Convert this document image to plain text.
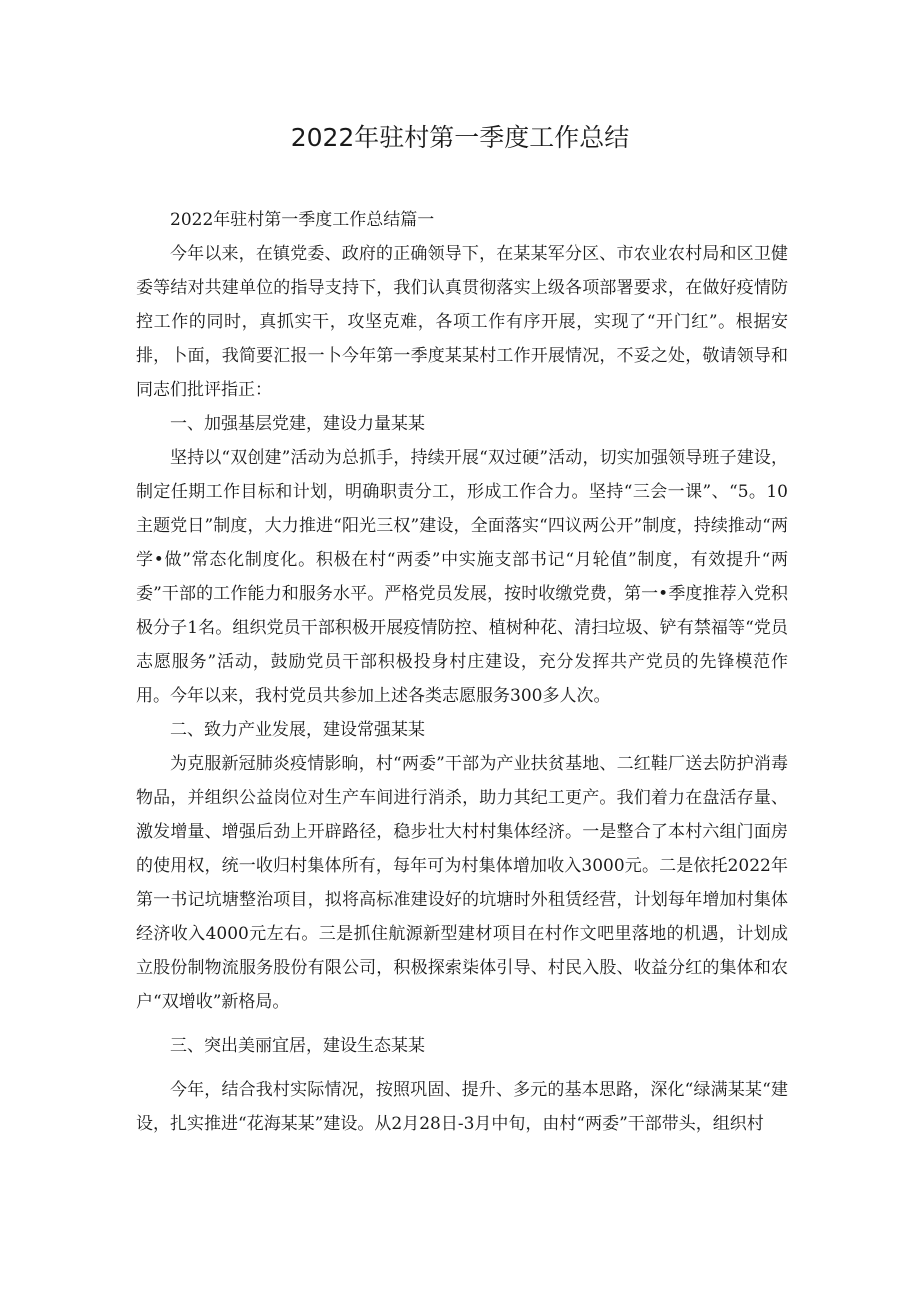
2022年驻村第一季度工作总结

2022年驻村第一季度工作总结篇一

今年以来，在镇党委、政府的正确领导下，在某某军分区、市农业农村局和区卫健委等结对共建单位的指导支持下，我们认真贯彻落实上级各项部署要求，在做好疫情防控工作的同时，真抓实干，攻坚克难，各项工作有序开展，实现了“开门红”。根据安排，卜面，我简要汇报一卜今年第一季度某某村工作开展情况，不妥之处，敬请领导和同志们批评指正：

一、加强基层党建，建设力量某某

坚持以“双创建”活动为总抓手，持续开展“双过硬”活动，切实加强领导班子建设，制定任期工作目标和计划，明确职责分工，形成工作合力。坚持“三会一课”、“5。10主题党日”制度，大力推进“阳光三权”建设，全面落实“四议两公开”制度，持续推动“两学•做”常态化制度化。积极在村“两委”中实施支部书记“月轮值”制度，有效提升“两委”干部的工作能力和服务水平。严格党员发展，按时收缴党费，第一•季度推荐入党积极分子1名。组织党员干部积极开展疫情防控、植树种花、清扫垃圾、铲有禁福等“党员志愿服务”活动，鼓励党员干部积极投身村庄建设，充分发挥共产党员的先锋模范作用。今年以来，我村党员共参加上述各类志愿服务300多人次。

二、致力产业发展，建设常强某某

为克服新冠肺炎疫情影晌，村“两委”干部为产业扶贫基地、二红鞋厂送去防护消毒物品，并组织公益岗位对生产车间进行消杀，助力其纪工更产。我们着力在盘活存量、激发增量、增强后劲上开辟路径，稳步壮大村村集体经济。一是整合了本村六组门面房的使用权，统一收归村集体所有，每年可为村集体增加收入3000元。二是依托2022年第一书记坑塘整治项目，拟将高标准建设好的坑塘时外租赁经营，计划每年增加村集体经济收入4000元左右。三是抓住航源新型建材项目在村作文吧里落地的机遇，计划成立股份制物流服务股份有限公司，积极探索柒体引导、村民入股、收益分红的集体和农户“双增收”新格局。

三、突出美丽宜居，建设生态某某

今年，结合我村实际情况，按照巩固、提升、多元的基本思路，深化“绿满某某“建设，扎实推进“花海某某”建设。从2月28日-3月中旬，由村“两委”干部带头，组织村
